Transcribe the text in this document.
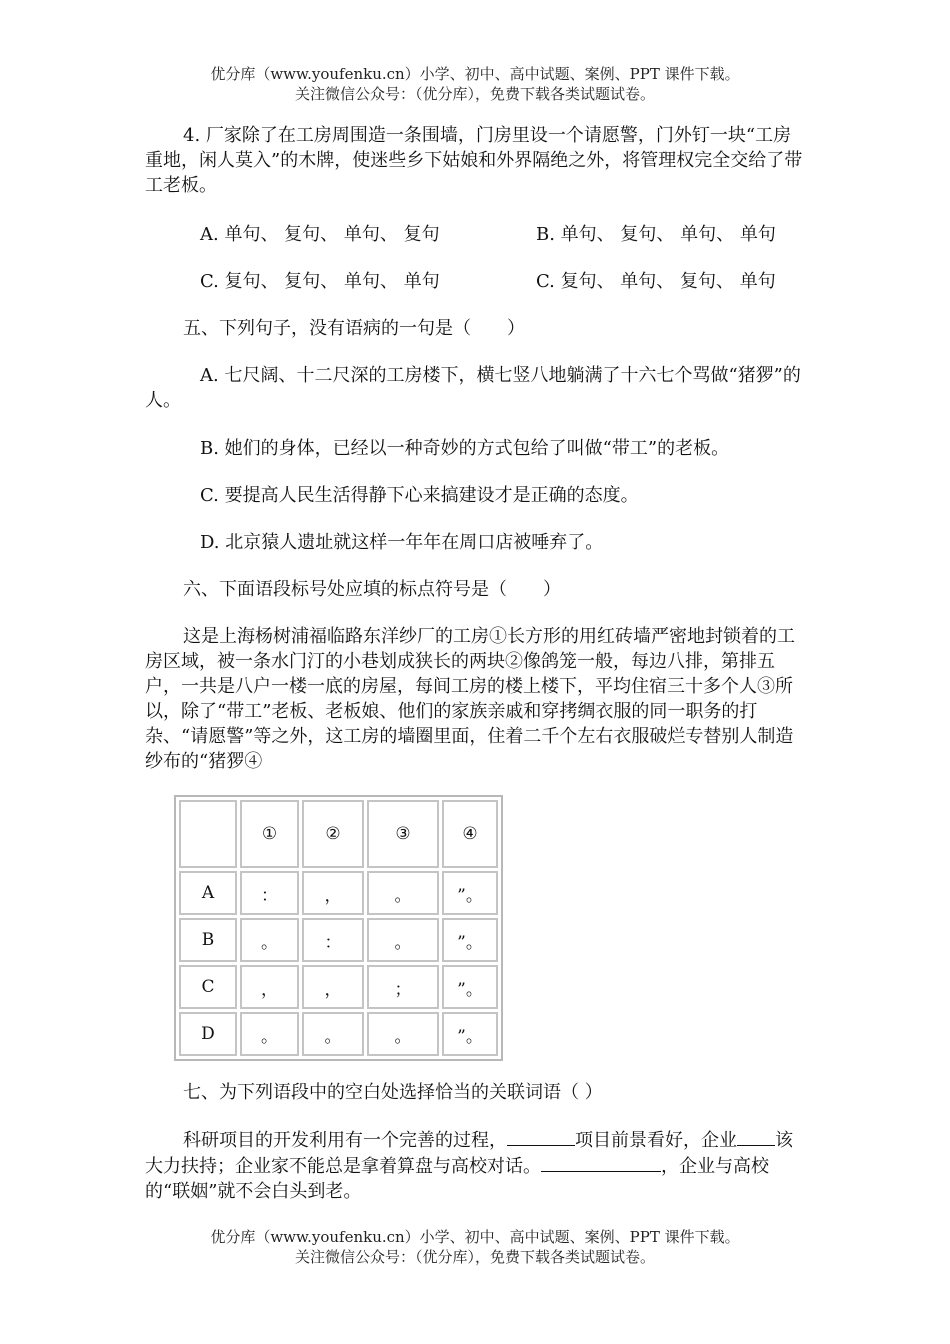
优分库（www.youfenku.cn）小学、初中、高中试题、案例、PPT 课件下载。
关注微信公众号：（优分库），免费下载各类试题试卷。

4. 厂家除了在工房周围造一条围墙，门房里设一个请愿警，门外钉一块“工房重地，闲人莫入”的木牌，使迷些乡下姑娘和外界隔绝之外，将管理权完全交给了带工老板。

A. 单句、 复句、 单句、 复句	B. 单句、 复句、 单句、 单句
C. 复句、 复句、 单句、 单句	C. 复句、 单句、 复句、 单句

五、下列句子，没有语病的一句是（　　）

A. 七尺阔、十二尺深的工房楼下，横七竖八地躺满了十六七个骂做“猪猡”的人。

B. 她们的身体，已经以一种奇妙的方式包给了叫做“带工”的老板。
C. 要提高人民生活得静下心来搞建设才是正确的态度。
D. 北京猿人遗址就这样一年年在周口店被唾弃了。

六、下面语段标号处应填的标点符号是（　　）

这是上海杨树浦福临路东洋纱厂的工房①长方形的用红砖墙严密地封锁着的工房区域，被一条水门汀的小巷划成狭长的两块②像鸽笼一般，每边八排，第排五户，一共是八户一楼一底的房屋，每间工房的楼上楼下，平均住宿三十多个人③所以，除了“带工”老板、老板娘、他们的家族亲戚和穿拷绸衣服的同一职务的打杂、“请愿警”等之外，这工房的墙圈里面，住着二千个左右衣服破烂专替别人制造纱布的“猪猡④

	①	②	③	④
A	：	，	。	”。
B	。	：	。	”。
C	，	，	；	”。
D	。	。	。	”。

七、为下列语段中的空白处选择恰当的关联词语（ ）

科研项目的开发利用有一个完善的过程，	项目前景看好，企业 该大力扶持；企业家不能总是拿着算盘与高校对话。	，企业与高校的“联姻”就不会白头到老。

优分库（www.youfenku.cn）小学、初中、高中试题、案例、PPT 课件下载。
关注微信公众号：（优分库），免费下载各类试题试卷。
